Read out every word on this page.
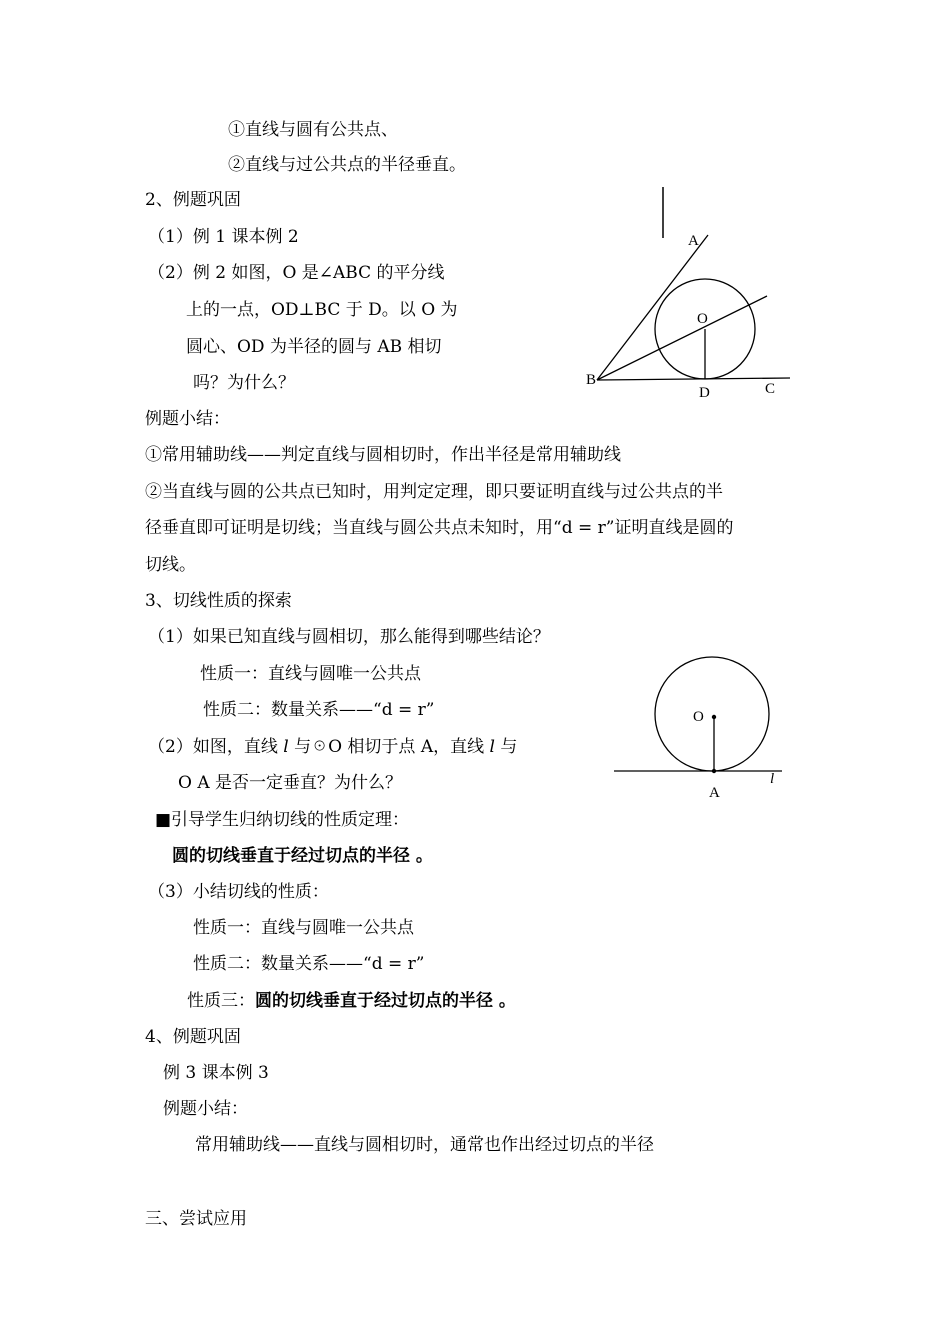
①直线与圆有公共点、
②直线与过公共点的半径垂直。
2、例题巩固
（1）例 1 课本例 2
（2）例 2 如图，O 是∠ABC 的平分线
上的一点，OD⊥BC 于 D。以 O 为
圆心、OD 为半径的圆与 AB 相切
吗？为什么？
A
O
B
D	C
例题小结：
①常用辅助线——判定直线与圆相切时，作出半径是常用辅助线
②当直线与圆的公共点已知时，用判定定理，即只要证明直线与过公共点的半
径垂直即可证明是切线；当直线与圆公共点未知时，用“d = r”证明直线是圆的
切线。
3、切线性质的探索
（1）如果已知直线与圆相切，那么能得到哪些结论？
性质一：直线与圆唯一公共点
性质二：数量关系——“d = r”
（2）如图，直线 l 与☉O 相切于点 A，直线 l 与
O A 是否一定垂直？为什么？
O
A
l
■引导学生归纳切线的性质定理：
圆的切线垂直于经过切点的半径 。
（3）小结切线的性质：
性质一：直线与圆唯一公共点
性质二：数量关系——“d = r”
性质三：圆的切线垂直于经过切点的半径 。
4、例题巩固
例 3 课本例 3
例题小结：
常用辅助线——直线与圆相切时，通常也作出经过切点的半径
三、尝试应用
